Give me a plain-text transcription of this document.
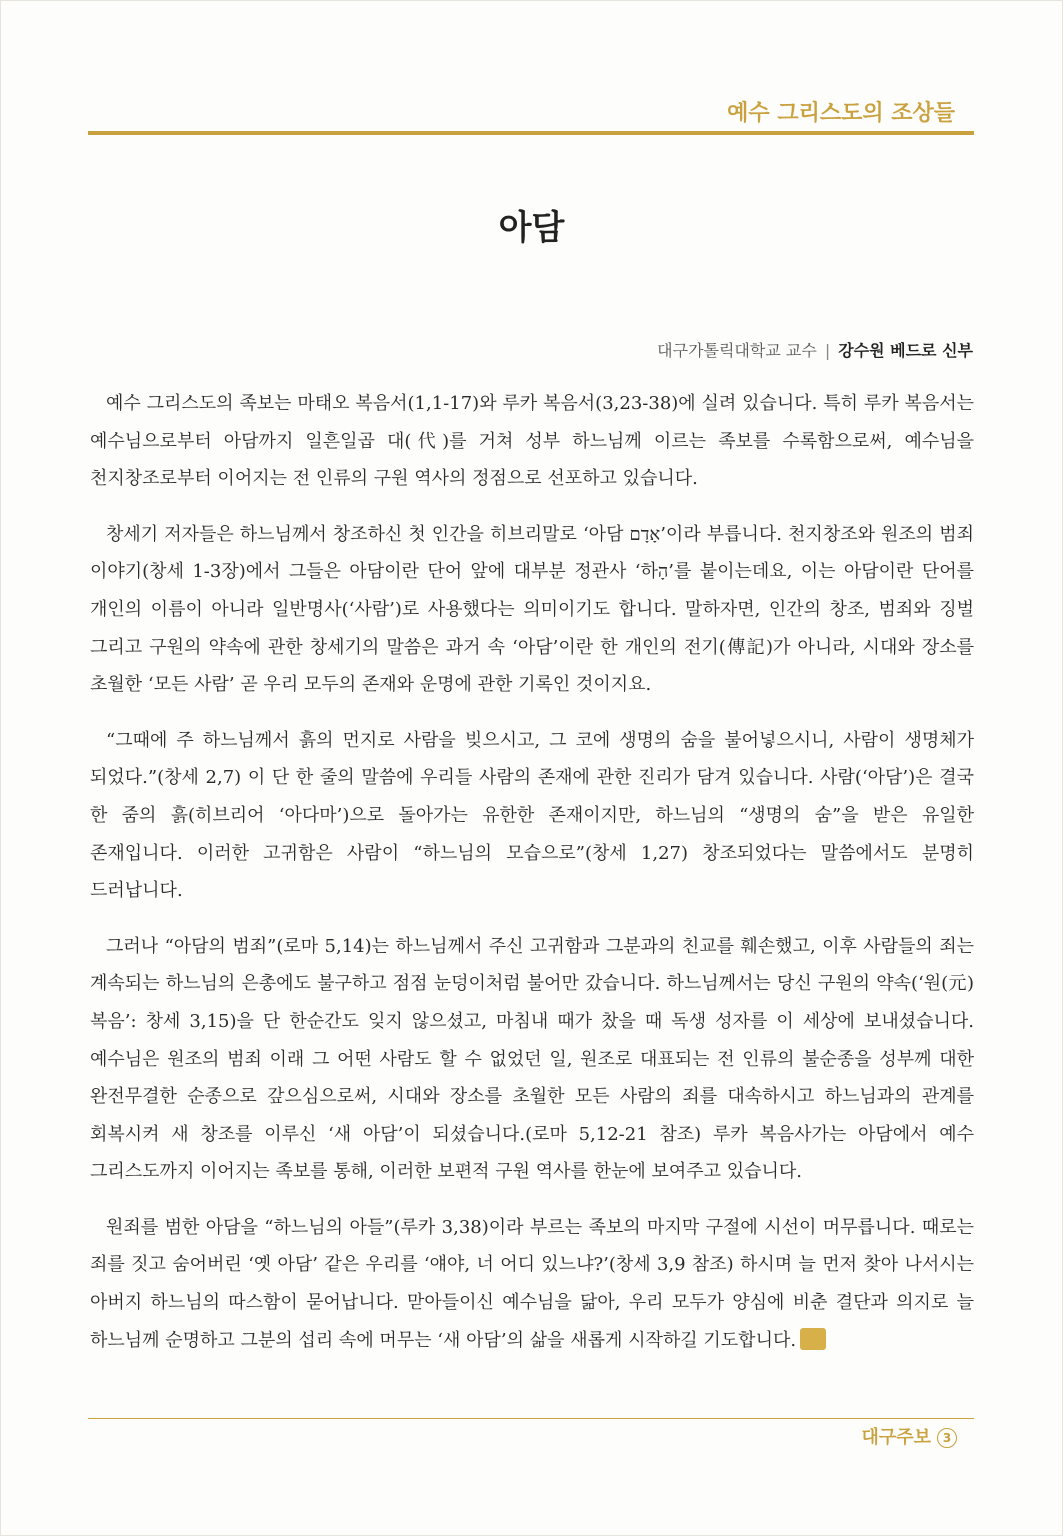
예수 그리스도의 조상들
아담
대구가톨릭대학교 교수 | 강수원 베드로 신부

예수 그리스도의 족보는 마태오 복음서(1,1-17)와 루카 복음서(3,23-38)에 실려 있습니다. 특히 루카 복음서는 예수님으로부터 아담까지 일흔일곱 대(代)를 거쳐 성부 하느님께 이르는 족보를 수록함으로써, 예수님을 천지창조로부터 이어지는 전 인류의 구원 역사의 정점으로 선포하고 있습니다.

창세기 저자들은 하느님께서 창조하신 첫 인간을 히브리말로 ‘아담 אָדָם’이라 부릅니다. 천지창조와 원조의 범죄 이야기(창세 1-3장)에서 그들은 아담이란 단어 앞에 대부분 정관사 ‘하הָ’를 붙이는데요, 이는 아담이란 단어를 개인의 이름이 아니라 일반명사(‘사람’)로 사용했다는 의미이기도 합니다. 말하자면, 인간의 창조, 범죄와 징벌 그리고 구원의 약속에 관한 창세기의 말씀은 과거 속 ‘아담’이란 한 개인의 전기(傳記)가 아니라, 시대와 장소를 초월한 ‘모든 사람’ 곧 우리 모두의 존재와 운명에 관한 기록인 것이지요.

“그때에 주 하느님께서 흙의 먼지로 사람을 빚으시고, 그 코에 생명의 숨을 불어넣으시니, 사람이 생명체가 되었다.”(창세 2,7) 이 단 한 줄의 말씀에 우리들 사람의 존재에 관한 진리가 담겨 있습니다. 사람(‘아담’)은 결국 한 줌의 흙(히브리어 ‘아다마’)으로 돌아가는 유한한 존재이지만, 하느님의 “생명의 숨”을 받은 유일한 존재입니다. 이러한 고귀함은 사람이 “하느님의 모습으로”(창세 1,27) 창조되었다는 말씀에서도 분명히 드러납니다.

그러나 “아담의 범죄”(로마 5,14)는 하느님께서 주신 고귀함과 그분과의 친교를 훼손했고, 이후 사람들의 죄는 계속되는 하느님의 은총에도 불구하고 점점 눈덩이처럼 불어만 갔습니다. 하느님께서는 당신 구원의 약속(‘원(元)복음’: 창세 3,15)을 단 한순간도 잊지 않으셨고, 마침내 때가 찼을 때 독생 성자를 이 세상에 보내셨습니다. 예수님은 원조의 범죄 이래 그 어떤 사람도 할 수 없었던 일, 원조로 대표되는 전 인류의 불순종을 성부께 대한 완전무결한 순종으로 갚으심으로써, 시대와 장소를 초월한 모든 사람의 죄를 대속하시고 하느님과의 관계를 회복시켜 새 창조를 이루신 ‘새 아담’이 되셨습니다.(로마 5,12-21 참조) 루카 복음사가는 아담에서 예수 그리스도까지 이어지는 족보를 통해, 이러한 보편적 구원 역사를 한눈에 보여주고 있습니다.

원죄를 범한 아담을 “하느님의 아들”(루카 3,38)이라 부르는 족보의 마지막 구절에 시선이 머무릅니다. 때로는 죄를 짓고 숨어버린 ‘옛 아담’ 같은 우리를 ‘얘야, 너 어디 있느냐?’(창세 3,9 참조) 하시며 늘 먼저 찾아 나서시는 아버지 하느님의 따스함이 묻어납니다. 맏아들이신 예수님을 닮아, 우리 모두가 양심에 비춘 결단과 의지로 늘 하느님께 순명하고 그분의 섭리 속에 머무는 ‘새 아담’의 삶을 새롭게 시작하길 기도합니다.

대구주보 3
